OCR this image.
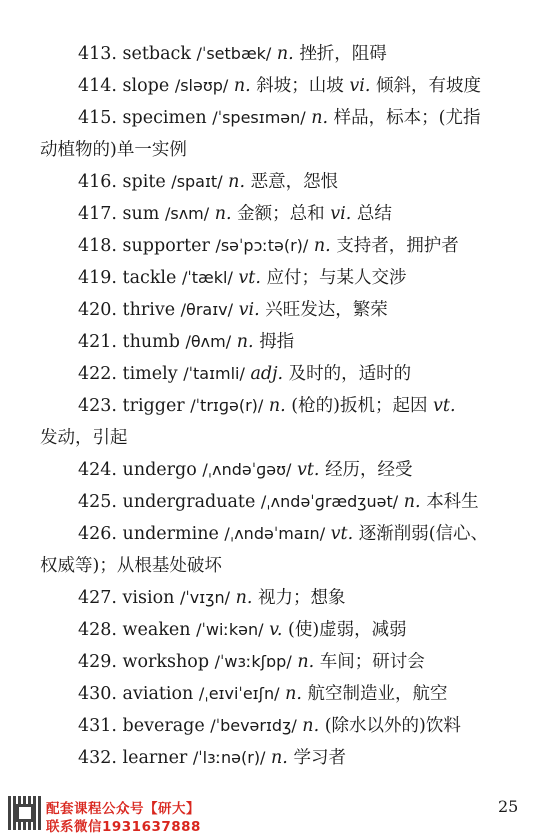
413. setback /ˈsetbæk/ n. 挫折，阻碍
414. slope /sləʊp/ n. 斜坡；山坡 vi. 倾斜，有坡度
415. specimen /ˈspesɪmən/ n. 样品，标本；(尤指
动植物的)单一实例
416. spite /spaɪt/ n. 恶意，怨恨
417. sum /sʌm/ n. 金额；总和 vi. 总结
418. supporter /səˈpɔːtə(r)/ n. 支持者，拥护者
419. tackle /ˈtækl/ vt. 应付；与某人交涉
420. thrive /θraɪv/ vi. 兴旺发达，繁荣
421. thumb /θʌm/ n. 拇指
422. timely /ˈtaɪmli/ adj. 及时的，适时的
423. trigger /ˈtrɪɡə(r)/ n. (枪的)扳机；起因 vt.
发动，引起
424. undergo /ˌʌndəˈɡəʊ/ vt. 经历，经受
425. undergraduate /ˌʌndəˈɡrædʒuət/ n. 本科生
426. undermine /ˌʌndəˈmaɪn/ vt. 逐渐削弱(信心、
权威等)；从根基处破坏
427. vision /ˈvɪʒn/ n. 视力；想象
428. weaken /ˈwiːkən/ v. (使)虚弱，减弱
429. workshop /ˈwɜːkʃɒp/ n. 车间；研讨会
430. aviation /ˌeɪviˈeɪʃn/ n. 航空制造业，航空
431. beverage /ˈbevərɪdʒ/ n. (除水以外的)饮料
432. learner /ˈlɜːnə(r)/ n. 学习者
配套课程公众号【研大】
联系微信1931637888
25
